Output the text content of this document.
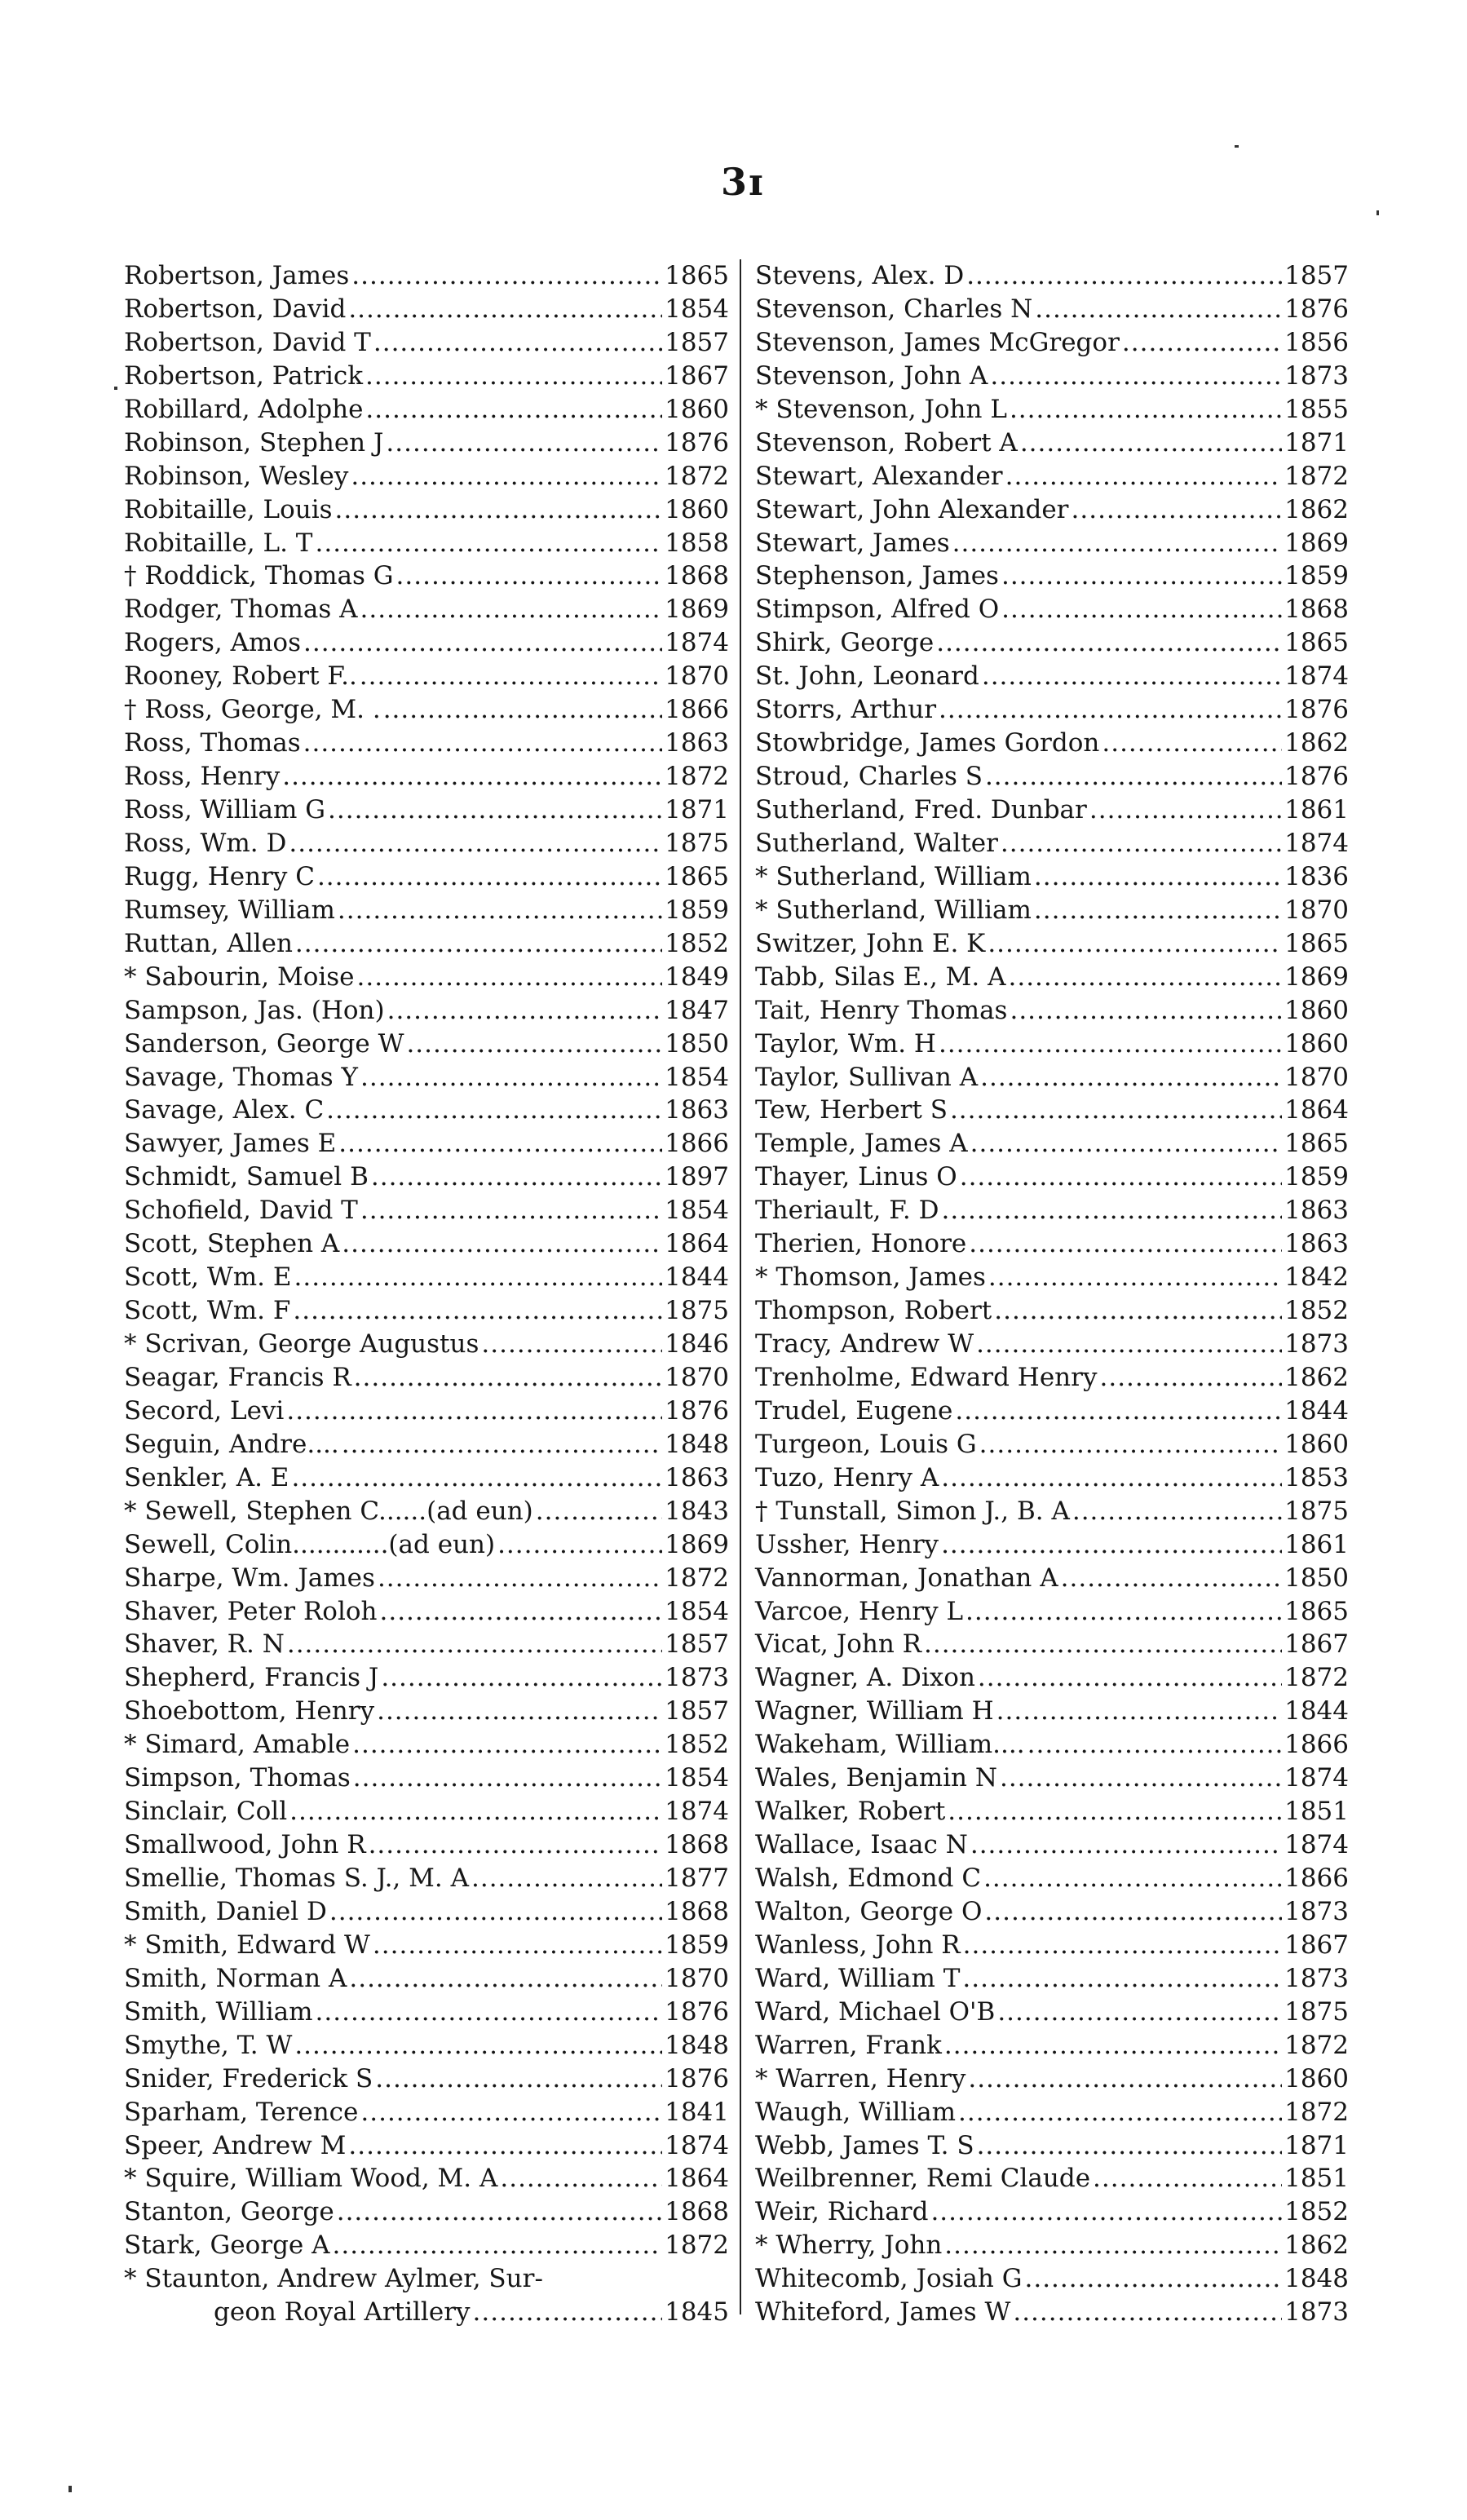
3ɪ
Robertson, James .....	1865
Robertson, David .....	1854
Robertson, David T .....	1857
Robertson, Patrick .....	1867
Robillard, Adolphe .....	1860
Robinson, Stephen J .....	1876
Robinson, Wesley .....	1872
Robitaille, Louis .....	1860
Robitaille, L. T .....	1858
† Roddick, Thomas G .....	1868
Rodger, Thomas A .....	1869
Rogers, Amos .....	1874
Rooney, Robert F.. .....	1870
† Ross, George, M. . .....	1866
Ross, Thomas .....	1863
Ross, Henry .....	1872
Ross, William G .....	1871
Ross, Wm. D .....	1875
Rugg, Henry C .....	1865
Rumsey, William .....	1859
Ruttan, Allen .....	1852
* Sabourin, Moise .....	1849
Sampson, Jas. (Hon) .....	1847
Sanderson, George W .....	1850
Savage, Thomas Y .....	1854
Savage, Alex. C .....	1863
Sawyer, James E .....	1866
Schmidt, Samuel B .....	1897
Schofield, David T .....	1854
Scott, Stephen A .....	1864
Scott, Wm. E .....	1844
Scott, Wm. F .....	1875
* Scrivan, George Augustus .....	1846
Seagar, Francis R .....	1870
Secord, Levi .....	1876
Seguin, Andre.... .....	1848
Senkler, A. E .....	1863
* Sewell, Stephen C......(ad eun) .....	1843
Sewell, Colin............(ad eun) .....	1869
Sharpe, Wm. James .....	1872
Shaver, Peter Roloh .....	1854
Shaver, R. N .....	1857
Shepherd, Francis J .....	1873
Shoebottom, Henry .....	1857
* Simard, Amable .....	1852
Simpson, Thomas .....	1854
Sinclair, Coll .....	1874
Smallwood, John R .....	1868
Smellie, Thomas S. J., M. A .....	1877
Smith, Daniel D .....	1868
* Smith, Edward W .....	1859
Smith, Norman A .....	1870
Smith, William .....	1876
Smythe, T. W .....	1848
Snider, Frederick S .....	1876
Sparham, Terence .....	1841
Speer, Andrew M .....	1874
* Squire, William Wood, M. A .....	1864
Stanton, George .....	1868
Stark, George A .....	1872
* Staunton, Andrew Aylmer, Sur-
geon Royal Artillery .....	1845
Stevens, Alex. D .....	1857
Stevenson, Charles N .....	1876
Stevenson, James McGregor .....	1856
Stevenson, John A .....	1873
* Stevenson, John L .....	1855
Stevenson, Robert A .....	1871
Stewart, Alexander .....	1872
Stewart, John Alexander .....	1862
Stewart, James .....	1869
Stephenson, James .....	1859
Stimpson, Alfred O .....	1868
Shirk, George .....	1865
St. John, Leonard .....	1874
Storrs, Arthur .....	1876
Stowbridge, James Gordon .....	1862
Stroud, Charles S .....	1876
Sutherland, Fred. Dunbar .....	1861
Sutherland, Walter .....	1874
* Sutherland, William .....	1836
* Sutherland, William .....	1870
Switzer, John E. K .....	1865
Tabb, Silas E., M. A .....	1869
Tait, Henry Thomas .....	1860
Taylor, Wm. H .....	1860
Taylor, Sullivan A .....	1870
Tew, Herbert S .....	1864
Temple, James A .....	1865
Thayer, Linus O .....	1859
Theriault, F. D .....	1863
Therien, Honore .....	1863
* Thomson, James .....	1842
Thompson, Robert .....	1852
Tracy, Andrew W .....	1873
Trenholme, Edward Henry .....	1862
Trudel, Eugene .....	1844
Turgeon, Louis G .....	1860
Tuzo, Henry A .....	1853
† Tunstall, Simon J., B. A .....	1875
Ussher, Henry .....	1861
Vannorman, Jonathan A .....	1850
Varcoe, Henry L .....	1865
Vicat, John R .....	1867
Wagner, A. Dixon .....	1872
Wagner, William H .....	1844
Wakeham, William.... .....	1866
Wales, Benjamin N .....	1874
Walker, Robert .....	1851
Wallace, Isaac N .....	1874
Walsh, Edmond C .....	1866
Walton, George O .....	1873
Wanless, John R .....	1867
Ward, William T .....	1873
Ward, Michael O'B .....	1875
Warren, Frank .....	1872
* Warren, Henry .....	1860
Waugh, William .....	1872
Webb, James T. S .....	1871
Weilbrenner, Remi Claude .....	1851
Weir, Richard .....	1852
* Wherry, John .....	1862
Whitecomb, Josiah G .....	1848
Whiteford, James W .....	1873
